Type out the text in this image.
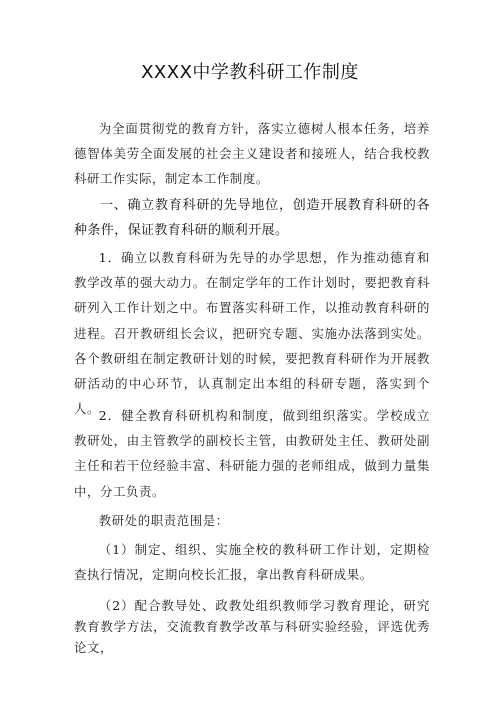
XXXX中学教科研工作制度

为全面贯彻党的教育方针，落实立德树人根本任务，培养德智体美劳全面发展的社会主义建设者和接班人，结合我校教科研工作实际，制定本工作制度。

一、确立教育科研的先导地位，创造开展教育科研的各种条件，保证教育科研的顺利开展。

1．确立以教育科研为先导的办学思想，作为推动德育和教学改革的强大动力。在制定学年的工作计划时，要把教育科研列入工作计划之中。布置落实科研工作，以推动教育科研的进程。召开教研组长会议，把研究专题、实施办法落到实处。各个教研组在制定教研计划的时候，要把教育科研作为开展教研活动的中心环节，认真制定出本组的科研专题，落实到个人。

2．健全教育科研机构和制度，做到组织落实。学校成立教研处，由主管教学的副校长主管，由教研处主任、教研处副主任和若干位经验丰富、科研能力强的老师组成，做到力量集中，分工负责。

教研处的职责范围是：

（1）制定、组织、实施全校的教科研工作计划，定期检查执行情况，定期向校长汇报，拿出教育科研成果。

（2）配合教导处、政教处组织教师学习教育理论，研究教育教学方法，交流教育教学改革与科研实验经验，评选优秀论文，
